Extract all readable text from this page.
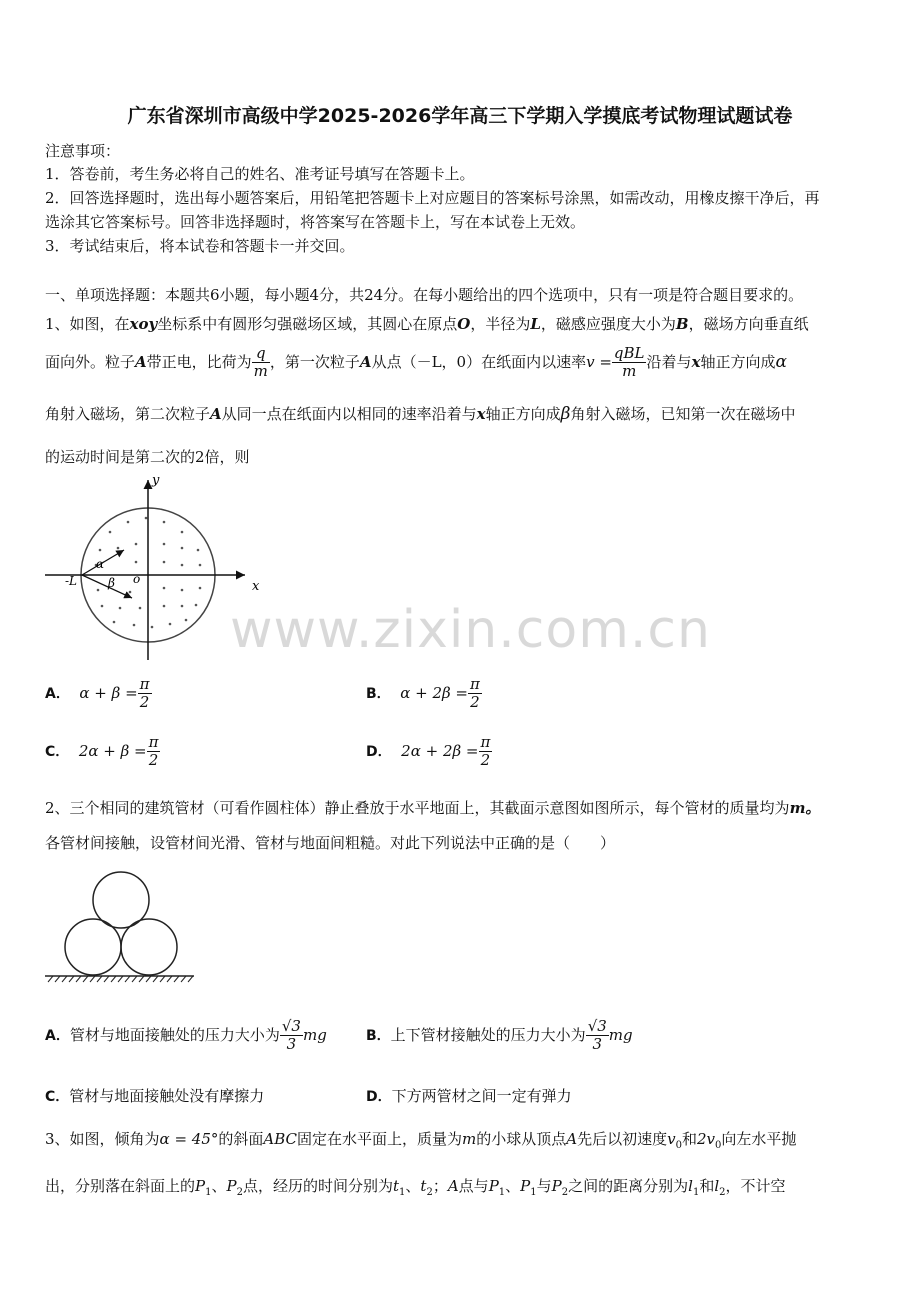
广东省深圳市高级中学2025-2026学年高三下学期入学摸底考试物理试题试卷
注意事项：
1．答卷前，考生务必将自己的姓名、准考证号填写在答题卡上。
2．回答选择题时，选出每小题答案后，用铅笔把答题卡上对应题目的答案标号涂黑，如需改动，用橡皮擦干净后，再
选涂其它答案标号。回答非选择题时，将答案写在答题卡上，写在本试卷上无效。
3．考试结束后，将本试卷和答题卡一并交回。
一、单项选择题：本题共6小题，每小题4分，共24分。在每小题给出的四个选项中，只有一项是符合题目要求的。
1、如图，在xoy坐标系中有圆形匀强磁场区域，其圆心在原点O，半径为L，磁感应强度大小为B，磁场方向垂直纸
面向外。粒子A带正电，比荷为 $\frac{q}{m}$ ，第一次粒子A从点（－L，0）在纸面内以速率$v = \frac{\text{qBL}}{m}$ 沿着与x轴正方向成α
角射入磁场，第二次粒子A从同一点在纸面内以相同的速率沿着与x轴正方向成β角射入磁场，已知第一次在磁场中
的运动时间是第二次的2倍，则
y
x
o
-L
α
β
www.zixin.com.cn
A． $\alpha + \beta = \frac{\pi}{2}$	B． $\alpha + 2\beta = \frac{\pi}{2}$
C． $2\alpha + \beta = \frac{\pi}{2}$	D． $2\alpha + 2\beta = \frac{\pi}{2}$
2、三个相同的建筑管材（可看作圆柱体）静止叠放于水平地面上，其截面示意图如图所示，每个管材的质量均为m。
各管材间接触，设管材间光滑、管材与地面间粗糙。对此下列说法中正确的是（　　）
A．管材与地面接触处的压力大小为 $\frac{√3}{3}$ mg	B．上下管材接触处的压力大小为 $\frac{√3}{3}$ mg
C．管材与地面接触处没有摩擦力	D．下方两管材之间一定有弹力
3、如图，倾角为α = 45°的斜面ABC固定在水平面上，质量为m的小球从顶点A先后以初速度$v_0$和$2v_0$向左水平抛
出，分别落在斜面上的$P_1$、$P_2$点，经历的时间分别为$t_1$、$t_2$；A点与$P_1$、$P_1$与$P_2$之间的距离分别为$l_1$和$l_2$，不计空
